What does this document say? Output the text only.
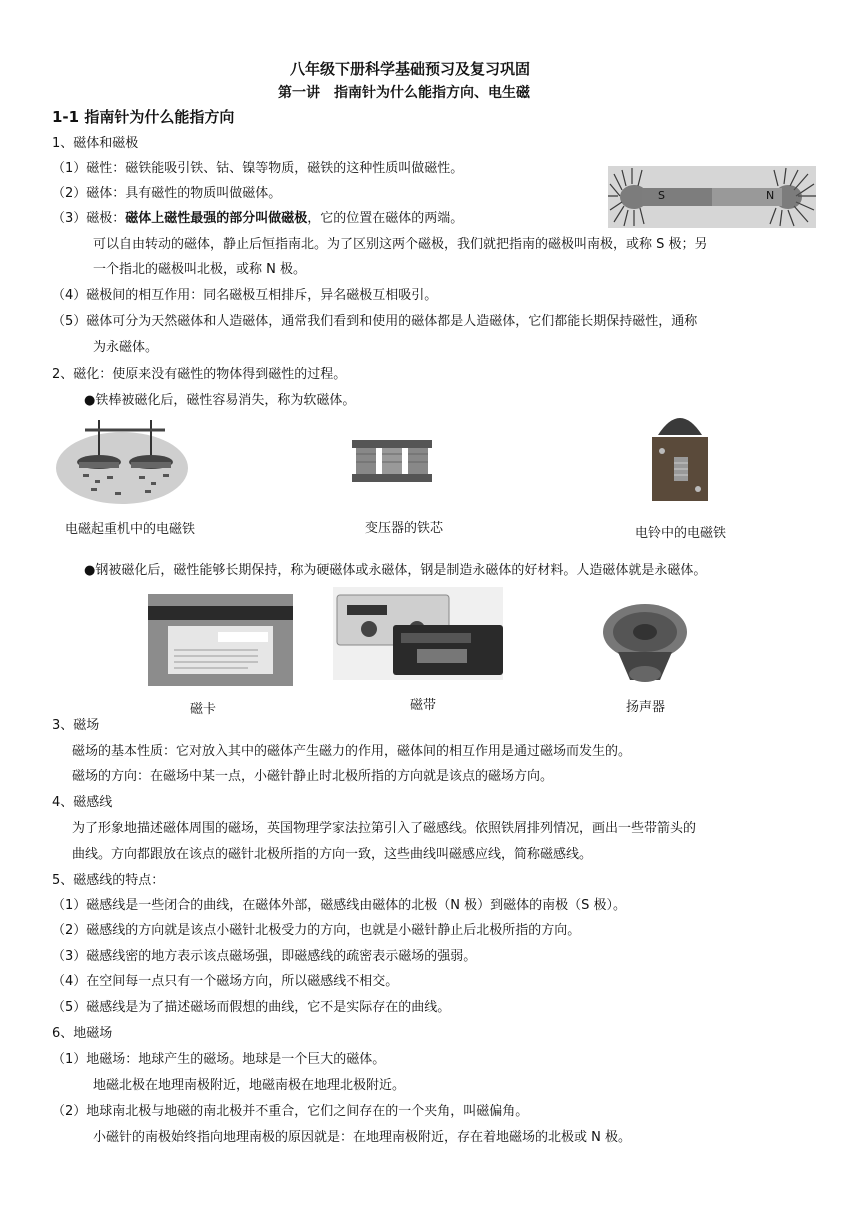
八年级下册科学基础预习及复习巩固
第一讲　指南针为什么能指方向、电生磁
1-1 指南针为什么能指方向
1、磁体和磁极
（1）磁性：磁铁能吸引铁、钴、镍等物质，磁铁的这种性质叫做磁性。
（2）磁体：具有磁性的物质叫做磁体。
（3）磁极：磁体上磁性最强的部分叫做磁极，它的位置在磁体的两端。
可以自由转动的磁体，静止后恒指南北。为了区别这两个磁极，我们就把指南的磁极叫南极，或称 S 极；另
一个指北的磁极叫北极，或称 N 极。
（4）磁极间的相互作用：同名磁极互相排斥，异名磁极互相吸引。
（5）磁体可分为天然磁体和人造磁体，通常我们看到和使用的磁体都是人造磁体，它们都能长期保持磁性，通称
为永磁体。
S	N
2、磁化：使原来没有磁性的物体得到磁性的过程。
●铁棒被磁化后，磁性容易消失，称为软磁体。
电磁起重机中的电磁铁	变压器的铁芯	电铃中的电磁铁
●钢被磁化后，磁性能够长期保持，称为硬磁体或永磁体，钢是制造永磁体的好材料。人造磁体就是永磁体。
磁卡	磁带	扬声器
3、磁场
磁场的基本性质：它对放入其中的磁体产生磁力的作用，磁体间的相互作用是通过磁场而发生的。
磁场的方向：在磁场中某一点，小磁针静止时北极所指的方向就是该点的磁场方向。
4、磁感线
为了形象地描述磁体周围的磁场，英国物理学家法拉第引入了磁感线。依照铁屑排列情况，画出一些带箭头的
曲线。方向都跟放在该点的磁针北极所指的方向一致，这些曲线叫磁感应线，简称磁感线。
5、磁感线的特点：
（1）磁感线是一些闭合的曲线，在磁体外部，磁感线由磁体的北极（N 极）到磁体的南极（S 极）。
（2）磁感线的方向就是该点小磁针北极受力的方向，也就是小磁针静止后北极所指的方向。
（3）磁感线密的地方表示该点磁场强，即磁感线的疏密表示磁场的强弱。
（4）在空间每一点只有一个磁场方向，所以磁感线不相交。
（5）磁感线是为了描述磁场而假想的曲线，它不是实际存在的曲线。
6、地磁场
（1）地磁场：地球产生的磁场。地球是一个巨大的磁体。
地磁北极在地理南极附近，地磁南极在地理北极附近。
（2）地球南北极与地磁的南北极并不重合，它们之间存在的一个夹角，叫磁偏角。
小磁针的南极始终指向地理南极的原因就是：在地理南极附近，存在着地磁场的北极或 N 极。
